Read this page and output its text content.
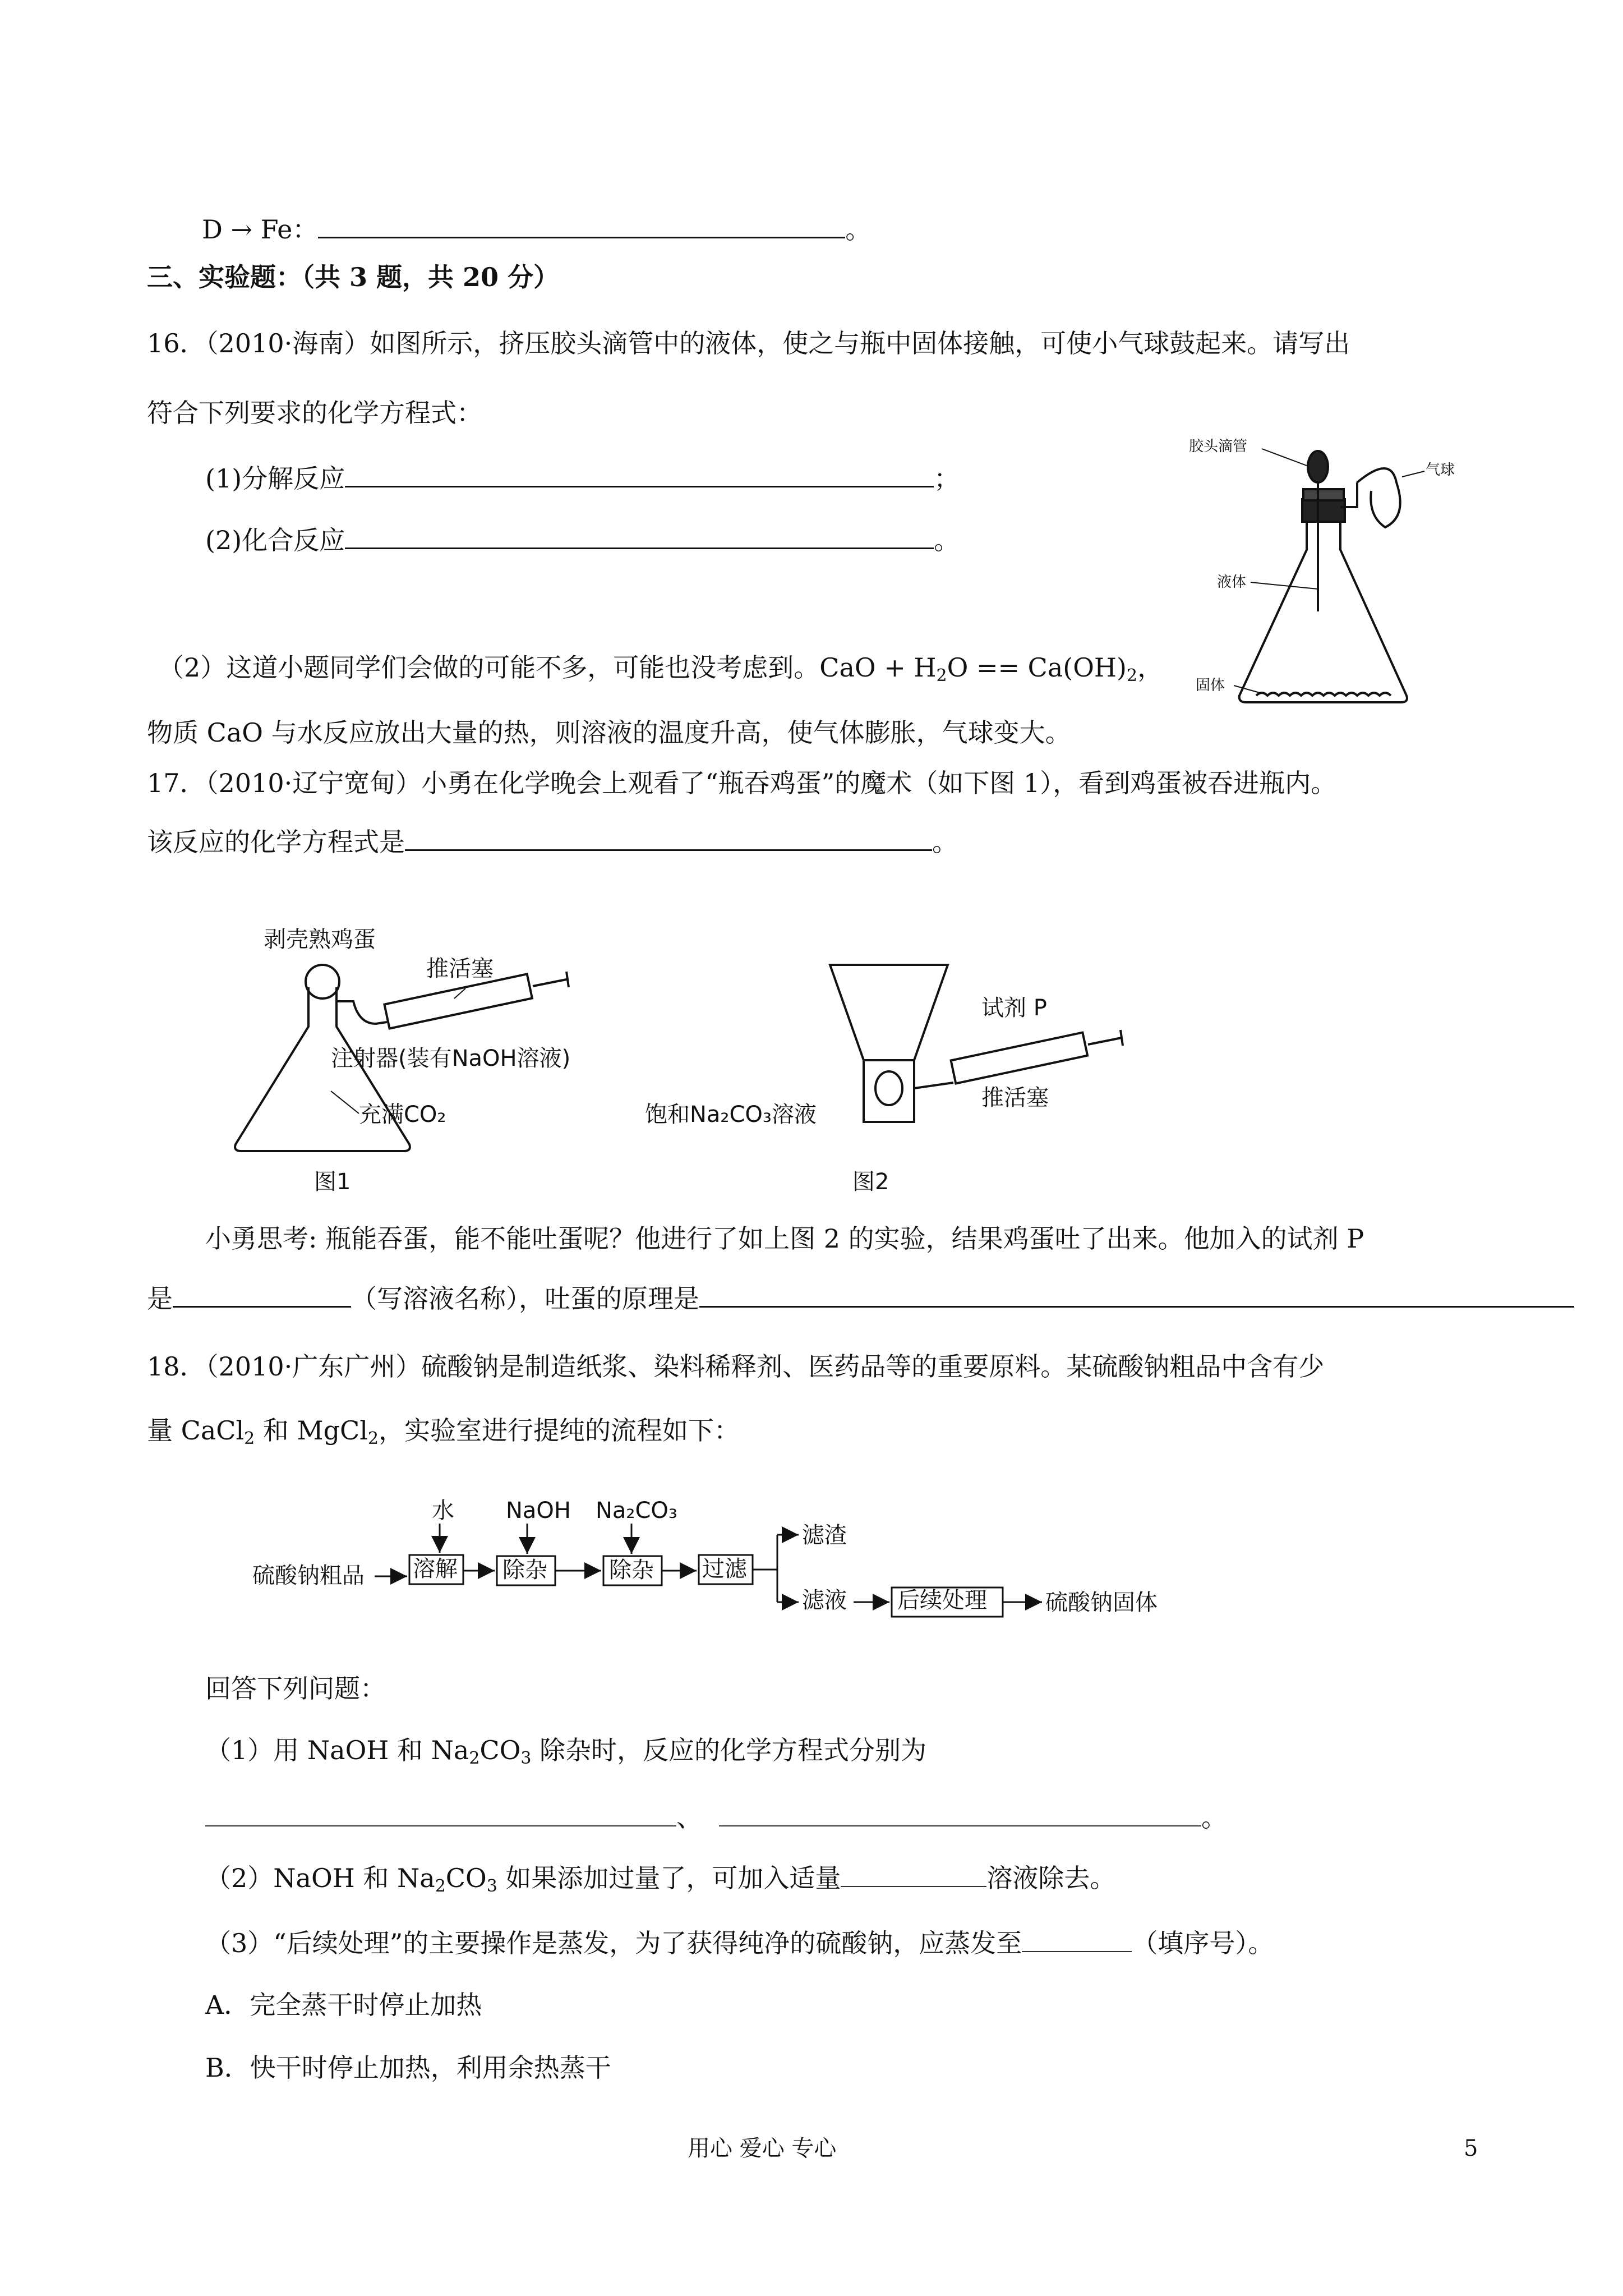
D → Fe：	。
三、实验题：（共 3 题，共 20 分）
16．（2010·海南）如图所示，挤压胶头滴管中的液体，使之与瓶中固体接触，可使小气球鼓起来。请写出
符合下列要求的化学方程式：
(1)分解反应	；
(2)化合反应	。
（2）这道小题同学们会做的可能不多，可能也没考虑到。CaO + $H_2O == Ca(OH)_2$，
物质 CaO 与水反应放出大量的热，则溶液的温度升高，使气体膨胀，气球变大。
17．（2010·辽宁宽甸）小勇在化学晚会上观看了“瓶吞鸡蛋”的魔术（如下图 1），看到鸡蛋被吞进瓶内。
该反应的化学方程式是	。
小勇思考: 瓶能吞蛋，能不能吐蛋呢？他进行了如上图 2 的实验，结果鸡蛋吐了出来。他加入的试剂 P
是	（写溶液名称），吐蛋的原理是
18．（2010·广东广州）硫酸钠是制造纸浆、染料稀释剂、医药品等的重要原料。某硫酸钠粗品中含有少
量 CaCl$_2$ 和 MgCl$_2$，实验室进行提纯的流程如下：
回答下列问题：
（1）用 NaOH 和 $Na_2CO_3$ 除杂时，反应的化学方程式分别为
、	。
（2）NaOH 和 $Na_2CO_3$ 如果添加过量了，可加入适量	溶液除去。
（3）“后续处理”的主要操作是蒸发，为了获得纯净的硫酸钠，应蒸发至	（填序号）。
A．完全蒸干时停止加热
B．快干时停止加热，利用余热蒸干
用心 爱心 专心	5
胶头滴管
气球
液体
固体
剥壳熟鸡蛋
推活塞
注射器(装有NaOH溶液)
充满CO₂
图1
试剂 P
饱和Na₂CO₃溶液
推活塞
图2
水 NaOH Na₂CO₃
硫酸钠粗品 溶解 除杂	除杂 过滤
滤渣
滤液 后续处理	硫酸钠固体
